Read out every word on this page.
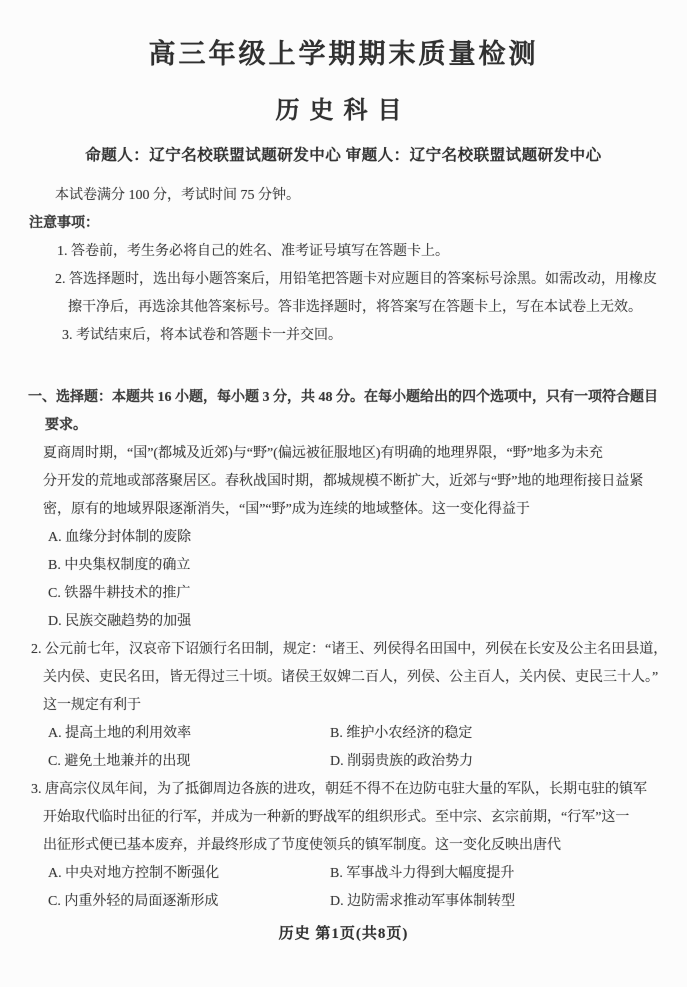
高三年级上学期期末质量检测
历史科目
命题人：辽宁名校联盟试题研发中心 审题人：辽宁名校联盟试题研发中心
本试卷满分 100 分，考试时间 75 分钟。
注意事项：
1. 答卷前，考生务必将自己的姓名、准考证号填写在答题卡上。
2. 答选择题时，选出每小题答案后，用铅笔把答题卡对应题目的答案标号涂黑。如需改动，用橡皮
擦干净后，再选涂其他答案标号。答非选择题时，将答案写在答题卡上，写在本试卷上无效。
3. 考试结束后，将本试卷和答题卡一并交回。
一、选择题：本题共 16 小题，每小题 3 分，共 48 分。在每小题给出的四个选项中，只有一项符合题目
要求。
夏商周时期，“国”(都城及近郊)与“野”(偏远被征服地区)有明确的地理界限，“野”地多为未充
分开发的荒地或部落聚居区。春秋战国时期，都城规模不断扩大，近郊与“野”地的地理衔接日益紧
密，原有的地域界限逐渐消失，“国”“野”成为连续的地域整体。这一变化得益于
A. 血缘分封体制的废除
B. 中央集权制度的确立
C. 铁器牛耕技术的推广
D. 民族交融趋势的加强
2. 公元前七年，汉哀帝下诏颁行名田制，规定：“诸王、列侯得名田国中，列侯在长安及公主名田县道，
关内侯、吏民名田，皆无得过三十顷。诸侯王奴婢二百人，列侯、公主百人，关内侯、吏民三十人。”
这一规定有利于
A. 提高土地的利用效率	B. 维护小农经济的稳定
C. 避免土地兼并的出现	D. 削弱贵族的政治势力
3. 唐高宗仪凤年间，为了抵御周边各族的进攻，朝廷不得不在边防屯驻大量的军队，长期屯驻的镇军
开始取代临时出征的行军，并成为一种新的野战军的组织形式。至中宗、玄宗前期，“行军”这一
出征形式便已基本废弃，并最终形成了节度使领兵的镇军制度。这一变化反映出唐代
A. 中央对地方控制不断强化	B. 军事战斗力得到大幅度提升
C. 内重外轻的局面逐渐形成	D. 边防需求推动军事体制转型
历史 第1页(共8页)
